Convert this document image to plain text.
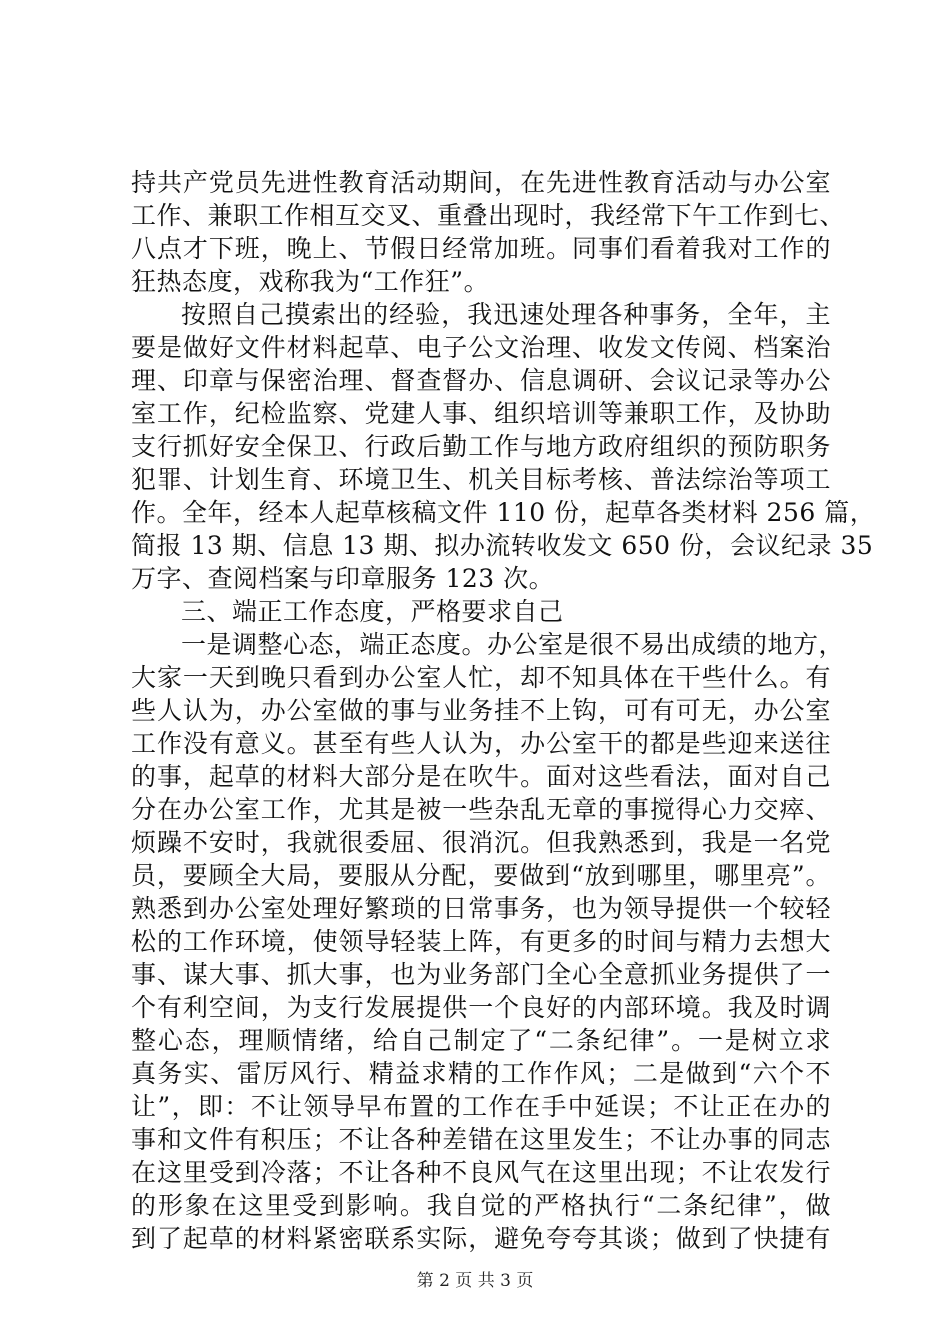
持共产党员先进性教育活动期间，在先进性教育活动与办公室
工作、兼职工作相互交叉、重叠出现时，我经常下午工作到七、
八点才下班，晚上、节假日经常加班。同事们看着我对工作的
狂热态度，戏称我为“工作狂”。
按照自己摸索出的经验，我迅速处理各种事务，全年，主
要是做好文件材料起草、电子公文治理、收发文传阅、档案治
理、印章与保密治理、督查督办、信息调研、会议记录等办公
室工作，纪检监察、党建人事、组织培训等兼职工作，及协助
支行抓好安全保卫、行政后勤工作与地方政府组织的预防职务
犯罪、计划生育、环境卫生、机关目标考核、普法综治等项工
作。全年，经本人起草核稿文件 110 份，起草各类材料 256 篇，
简报 13 期、信息 13 期、拟办流转收发文 650 份，会议纪录 35
万字、查阅档案与印章服务 123 次。
三、端正工作态度，严格要求自己
一是调整心态，端正态度。办公室是很不易出成绩的地方，
大家一天到晚只看到办公室人忙，却不知具体在干些什么。有
些人认为，办公室做的事与业务挂不上钩，可有可无，办公室
工作没有意义。甚至有些人认为，办公室干的都是些迎来送往
的事，起草的材料大部分是在吹牛。面对这些看法，面对自己
分在办公室工作，尤其是被一些杂乱无章的事搅得心力交瘁、
烦躁不安时，我就很委屈、很消沉。但我熟悉到，我是一名党
员，要顾全大局，要服从分配，要做到“放到哪里，哪里亮”。
熟悉到办公室处理好繁琐的日常事务，也为领导提供一个较轻
松的工作环境，使领导轻装上阵，有更多的时间与精力去想大
事、谋大事、抓大事，也为业务部门全心全意抓业务提供了一
个有利空间，为支行发展提供一个良好的内部环境。我及时调
整心态，理顺情绪，给自己制定了“二条纪律”。一是树立求
真务实、雷厉风行、精益求精的工作作风；二是做到“六个不
让”，即：不让领导早布置的工作在手中延误；不让正在办的
事和文件有积压；不让各种差错在这里发生；不让办事的同志
在这里受到冷落；不让各种不良风气在这里出现；不让农发行
的形象在这里受到影响。我自觉的严格执行“二条纪律”，做
到了起草的材料紧密联系实际，避免夸夸其谈；做到了快捷有
第 2 页 共 3 页
